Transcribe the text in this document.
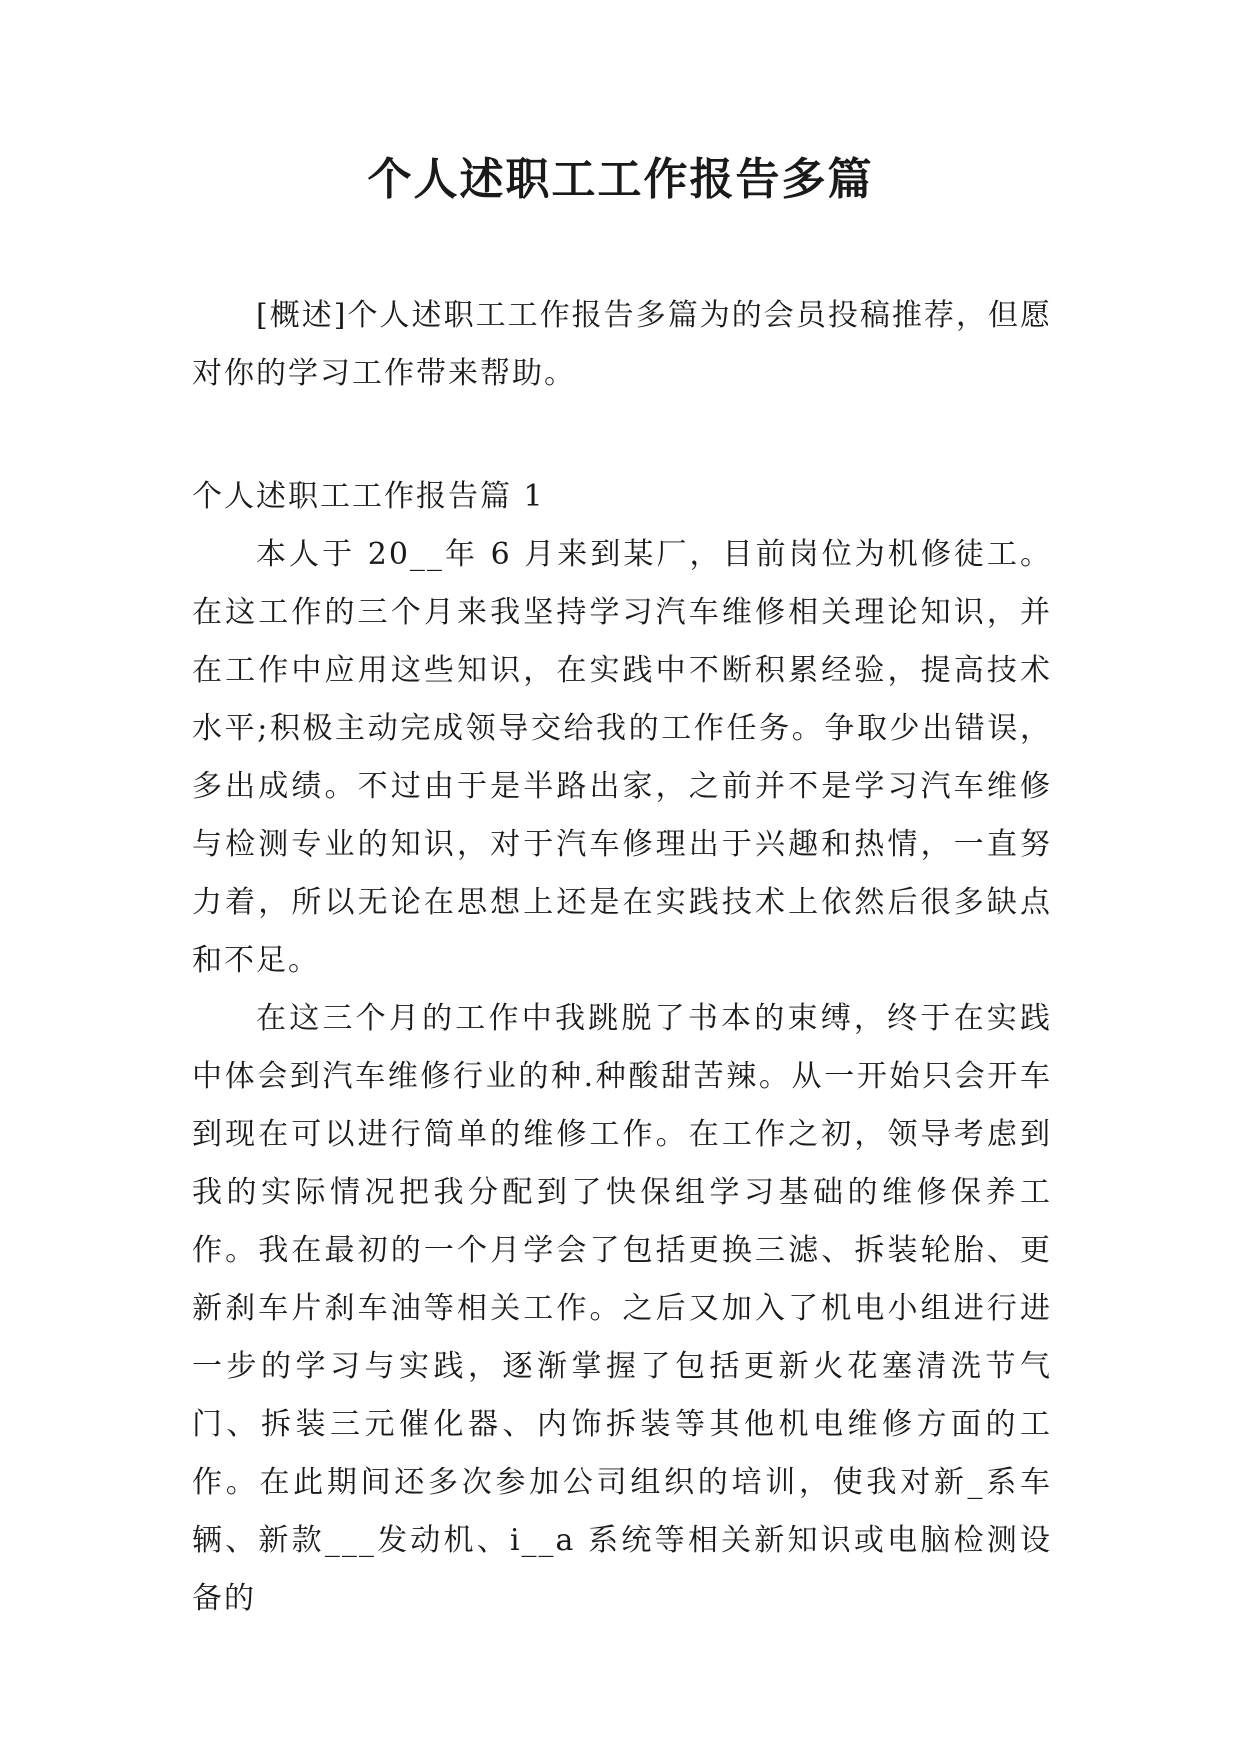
个人述职工工作报告多篇

[概述]个人述职工工作报告多篇为的会员投稿推荐，但愿对你的学习工作带来帮助。

个人述职工工作报告篇 1

本人于 20__年 6 月来到某厂，目前岗位为机修徒工。在这工作的三个月来我坚持学习汽车维修相关理论知识，并在工作中应用这些知识，在实践中不断积累经验，提高技术水平;积极主动完成领导交给我的工作任务。争取少出错误，多出成绩。不过由于是半路出家，之前并不是学习汽车维修与检测专业的知识，对于汽车修理出于兴趣和热情，一直努力着，所以无论在思想上还是在实践技术上依然后很多缺点和不足。

在这三个月的工作中我跳脱了书本的束缚，终于在实践中体会到汽车维修行业的种.种酸甜苦辣。从一开始只会开车到现在可以进行简单的维修工作。在工作之初，领导考虑到我的实际情况把我分配到了快保组学习基础的维修保养工作。我在最初的一个月学会了包括更换三滤、拆装轮胎、更新刹车片刹车油等相关工作。之后又加入了机电小组进行进一步的学习与实践，逐渐掌握了包括更新火花塞清洗节气门、拆装三元催化器、内饰拆装等其他机电维修方面的工作。在此期间还多次参加公司组织的培训，使我对新_系车辆、新款___发动机、i__a 系统等相关新知识或电脑检测设备的
